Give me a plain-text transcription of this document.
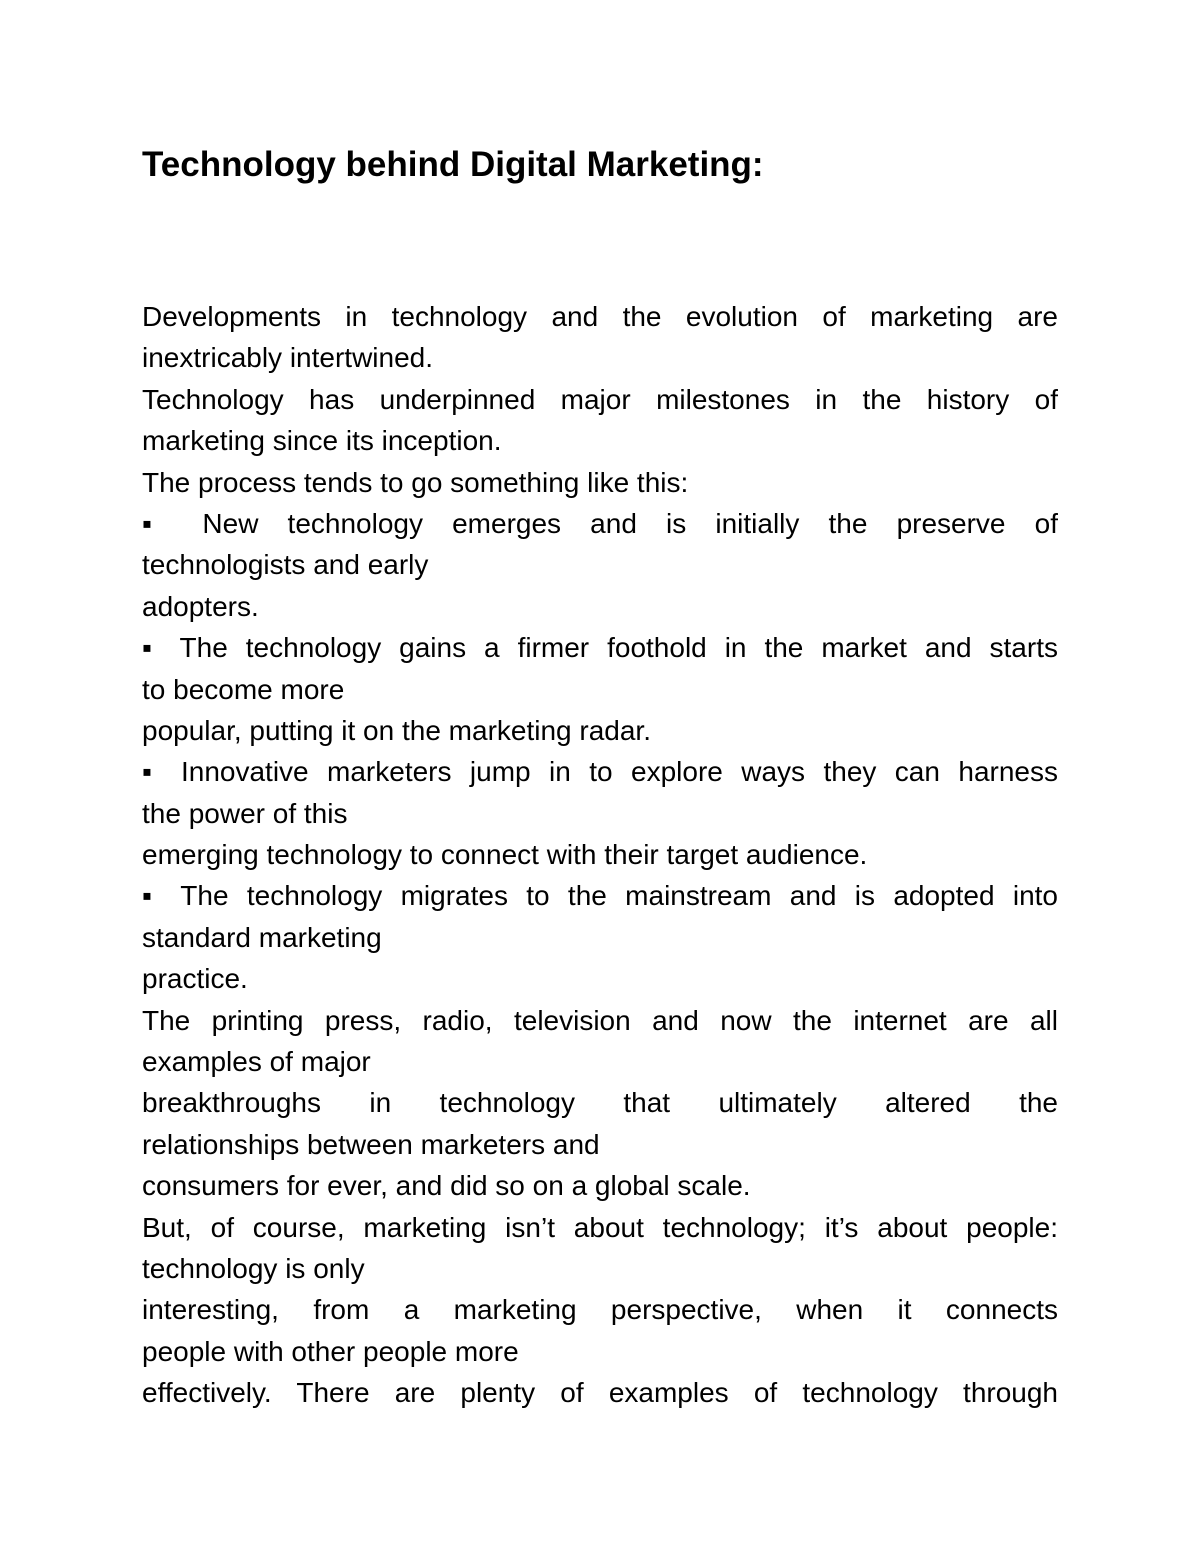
Technology behind Digital Marketing:
Developments in technology and the evolution of marketing are
inextricably intertwined.
Technology has underpinned major milestones in the history of
marketing since its inception.
The process tends to go something like this:
▪ New technology emerges and is initially the preserve of
technologists and early
adopters.
▪ The technology gains a firmer foothold in the market and starts
to become more
popular, putting it on the marketing radar.
▪ Innovative marketers jump in to explore ways they can harness
the power of this
emerging technology to connect with their target audience.
▪ The technology migrates to the mainstream and is adopted into
standard marketing
practice.
The printing press, radio, television and now the internet are all
examples of major
breakthroughs in technology that ultimately altered the
relationships between marketers and
consumers for ever, and did so on a global scale.
But, of course, marketing isn’t about technology; it’s about people:
technology is only
interesting, from a marketing perspective, when it connects
people with other people more
effectively. There are plenty of examples of technology through
